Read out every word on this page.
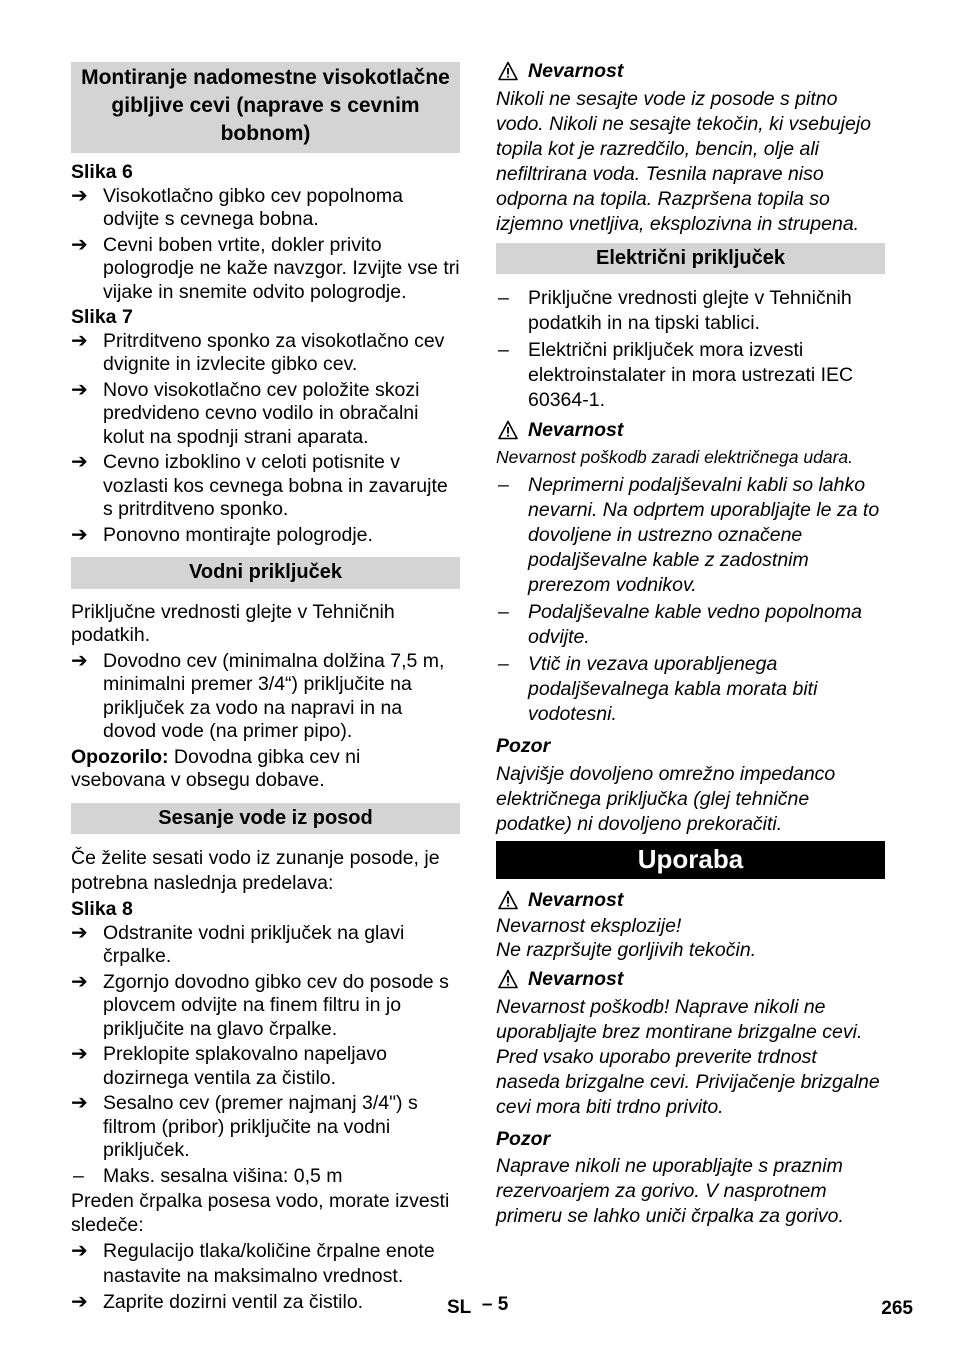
Montiranje nadomestne visokotlačne gibljive cevi (naprave s cevnim bobnom)

Slika 6

➔ Visokotlačno gibko cev popolnoma odvijte s cevnega bobna.
➔ Cevni boben vrtite, dokler privito pologrodje ne kaže navzgor. Izvijte vse tri vijake in snemite odvito pologrodje.

Slika 7

➔ Pritrditveno sponko za visokotlačno cev dvignite in izvlecite gibko cev.
➔ Novo visokotlačno cev položite skozi predvideno cevno vodilo in obračalni kolut na spodnji strani aparata.
➔ Cevno izboklino v celoti potisnite v vozlasti kos cevnega bobna in zavarujte s pritrditveno sponko.
➔ Ponovno montirajte pologrodje.
Vodni priključek

Priključne vrednosti glejte v Tehničnih podatkih.

➔ Dovodno cev (minimalna dolžina 7,5 m, minimalni premer 3/4“) priključite na priključek za vodo na napravi in na dovod vode (na primer pipo).

Opozorilo: Dovodna gibka cev ni vsebovana v obsegu dobave.

Sesanje vode iz posod

Če želite sesati vodo iz zunanje posode, je potrebna naslednja predelava:

Slika 8

➔ Odstranite vodni priključek na glavi črpalke.
➔ Zgornjo dovodno gibko cev do posode s plovcem odvijte na finem filtru in jo priključite na glavo črpalke.
➔ Preklopite splakovalno napeljavo dozirnega ventila za čistilo.
➔ Sesalno cev (premer najmanj 3/4") s filtrom (pribor) priključite na vodni priključek.
– Maks. sesalna višina: 0,5 m

Preden črpalka posesa vodo, morate izvesti sledeče:

➔ Regulacijo tlaka/količine črpalne enote nastavite na maksimalno vrednost.
➔ Zaprite dozirni ventil za čistilo.
Nevarnost

Nikoli ne sesajte vode iz posode s pitno vodo. Nikoli ne sesajte tekočin, ki vsebujejo topila kot je razredčilo, bencin, olje ali nefiltrirana voda. Tesnila naprave niso odporna na topila. Razpršena topila so izjemno vnetljiva, eksplozivna in strupena.

Električni priključek
– Priključne vrednosti glejte v Tehničnih podatkih in na tipski tablici.
– Električni priključek mora izvesti elektroinstalater in mora ustrezati IEC 60364-1.
Nevarnost

Nevarnost poškodb zaradi električnega udara.

– Neprimerni podaljševalni kabli so lahko nevarni. Na odprtem uporabljajte le za to dovoljene in ustrezno označene podaljševalne kable z zadostnim prerezom vodnikov.
– Podaljševalne kable vedno popolnoma odvijte.
– Vtič in vezava uporabljenega podaljševalnega kabla morata biti vodotesni.

Pozor

Najvišje dovoljeno omrežno impedanco električnega priključka (glej tehnične podatke) ni dovoljeno prekoračiti.

Uporaba
Nevarnost

Nevarnost eksplozije!

Ne razpršujte gorljivih tekočin.

Nevarnost

Nevarnost poškodb! Naprave nikoli ne uporabljajte brez montirane brizgalne cevi. Pred vsako uporabo preverite trdnost naseda brizgalne cevi. Privijačenje brizgalne cevi mora biti trdno privito.

Pozor

Naprave nikoli ne uporabljajte s praznim rezervoarjem za gorivo. V nasprotnem primeru se lahko uniči črpalka za gorivo.

SL – 5	265
